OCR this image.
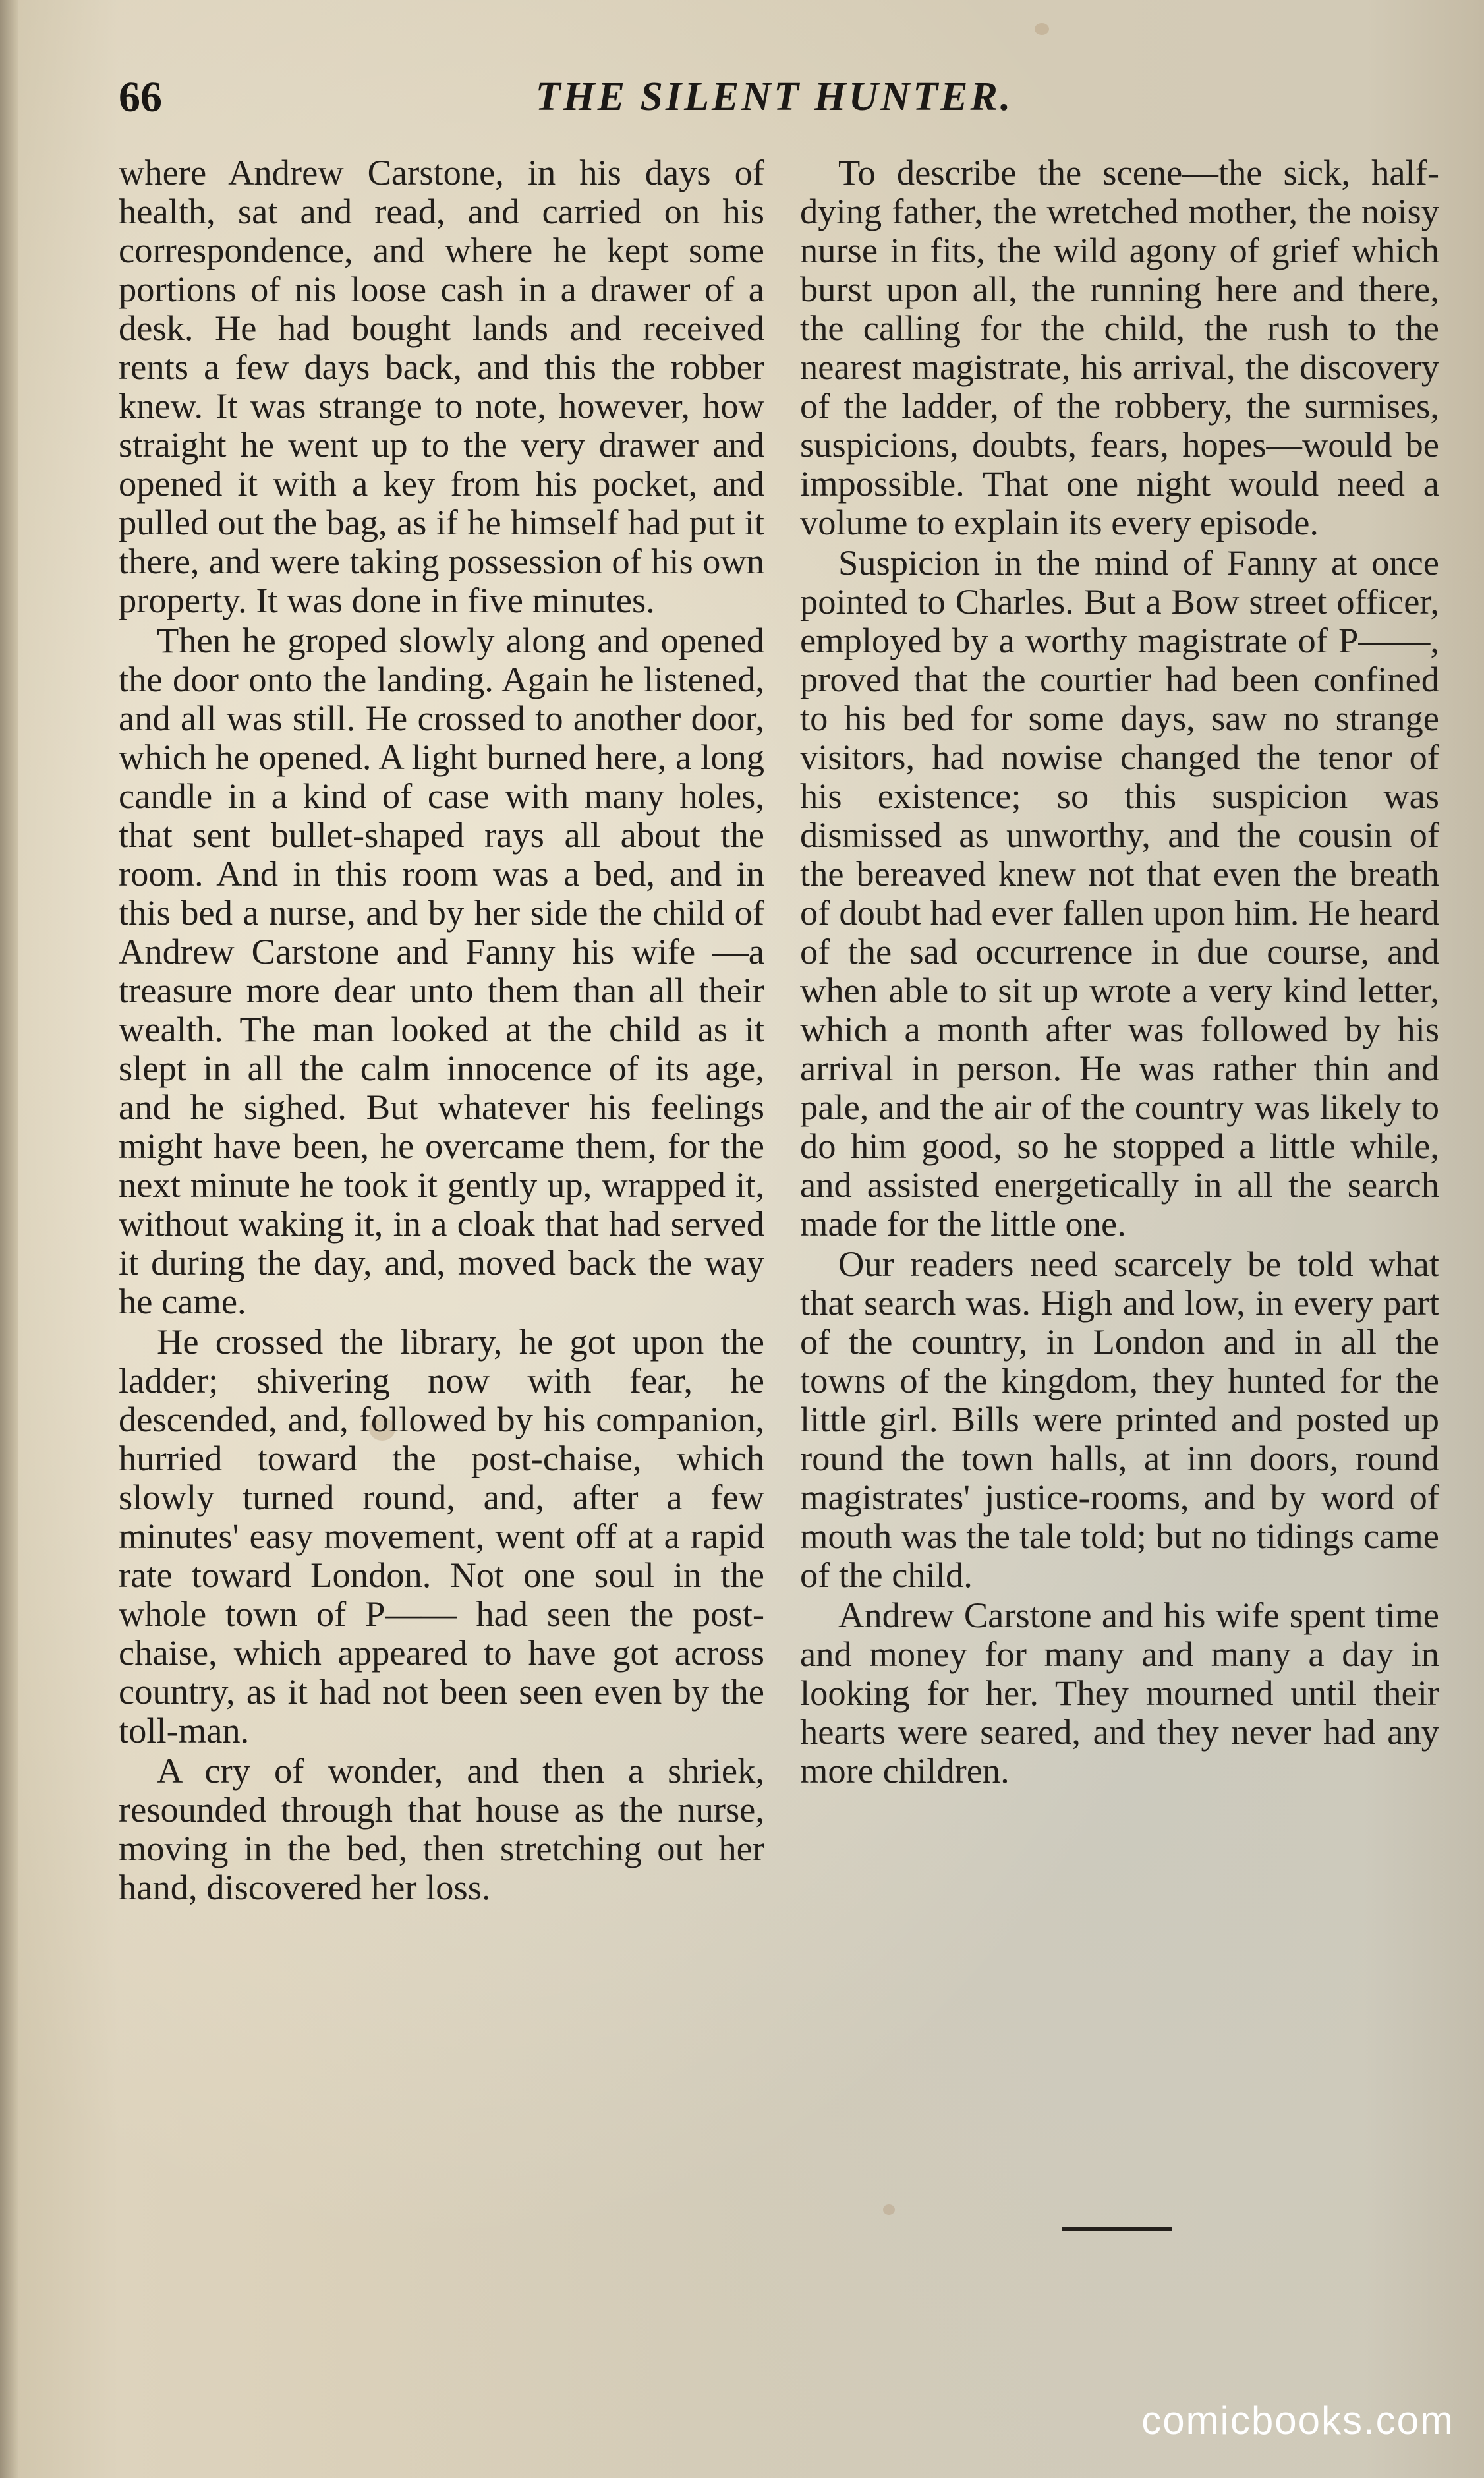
66	THE SILENT HUNTER.

where Andrew Carstone, in his days of health, sat and read, and carried on his correspondence, and where he kept some portions of nis loose cash in a drawer of a desk. He had bought lands and received rents a few days back, and this the robber knew. It was strange to note, however, how straight he went up to the very drawer and opened it with a key from his pocket, and pulled out the bag, as if he himself had put it there, and were taking possession of his own property. It was done in five minutes.

Then he groped slowly along and opened the door onto the landing. Again he listened, and all was still. He crossed to another door, which he opened. A light burned here, a long candle in a kind of case with many holes, that sent bullet-shaped rays all about the room. And in this room was a bed, and in this bed a nurse, and by her side the child of Andrew Carstone and Fanny his wife —a treasure more dear unto them than all their wealth. The man looked at the child as it slept in all the calm innocence of its age, and he sighed. But whatever his feelings might have been, he overcame them, for the next minute he took it gently up, wrapped it, without waking it, in a cloak that had served it during the day, and, moved back the way he came.

He crossed the library, he got upon the ladder; shivering now with fear, he descended, and, followed by his companion, hurried toward the post-chaise, which slowly turned round, and, after a few minutes' easy movement, went off at a rapid rate toward London. Not one soul in the whole town of P—— had seen the post-chaise, which appeared to have got across country, as it had not been seen even by the toll-man.

A cry of wonder, and then a shriek, resounded through that house as the nurse, moving in the bed, then stretching out her hand, discovered her loss.

To describe the scene—the sick, half-dying father, the wretched mother, the noisy nurse in fits, the wild agony of grief which burst upon all, the running here and there, the calling for the child, the rush to the nearest magistrate, his arrival, the discovery of the ladder, of the robbery, the surmises, suspicions, doubts, fears, hopes—would be impossible. That one night would need a volume to explain its every episode.

Suspicion in the mind of Fanny at once pointed to Charles. But a Bow street officer, employed by a worthy magistrate of P——, proved that the courtier had been confined to his bed for some days, saw no strange visitors, had nowise changed the tenor of his existence; so this suspicion was dismissed as unworthy, and the cousin of the bereaved knew not that even the breath of doubt had ever fallen upon him. He heard of the sad occurrence in due course, and when able to sit up wrote a very kind letter, which a month after was followed by his arrival in person. He was rather thin and pale, and the air of the country was likely to do him good, so he stopped a little while, and assisted energetically in all the search made for the little one.

Our readers need scarcely be told what that search was. High and low, in every part of the country, in London and in all the towns of the kingdom, they hunted for the little girl. Bills were printed and posted up round the town halls, at inn doors, round magistrates' justice-rooms, and by word of mouth was the tale told; but no tidings came of the child.

Andrew Carstone and his wife spent time and money for many and many a day in looking for her. They mourned until their hearts were seared, and they never had any more children.

comicbooks.com
